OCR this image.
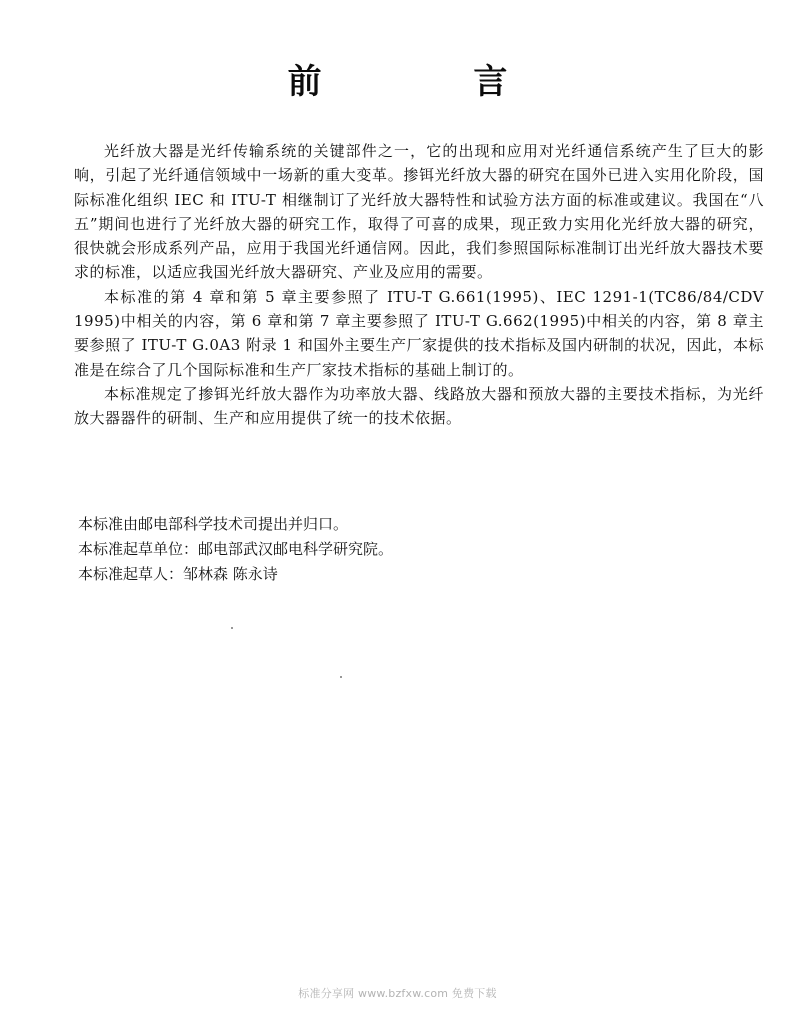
前 言

光纤放大器是光纤传输系统的关键部件之一，它的出现和应用对光纤通信系统产生了巨大的影响，引起了光纤通信领域中一场新的重大变革。掺铒光纤放大器的研究在国外已进入实用化阶段，国际标准化组织 IEC 和 ITU-T 相继制订了光纤放大器特性和试验方法方面的标准或建议。我国在“八五”期间也进行了光纤放大器的研究工作，取得了可喜的成果，现正致力实用化光纤放大器的研究，很快就会形成系列产品，应用于我国光纤通信网。因此，我们参照国际标准制订出光纤放大器技术要求的标准，以适应我国光纤放大器研究、产业及应用的需要。

本标准的第 4 章和第 5 章主要参照了 ITU-T G.661(1995)、IEC 1291-1(TC86/84/CDV 1995)中相关的内容，第 6 章和第 7 章主要参照了 ITU-T G.662(1995)中相关的内容，第 8 章主要参照了 ITU-T G.0A3 附录 1 和国外主要生产厂家提供的技术指标及国内研制的状况，因此，本标准是在综合了几个国际标准和生产厂家技术指标的基础上制订的。

本标准规定了掺铒光纤放大器作为功率放大器、线路放大器和预放大器的主要技术指标，为光纤放大器器件的研制、生产和应用提供了统一的技术依据。

本标准由邮电部科学技术司提出并归口。
本标准起草单位：邮电部武汉邮电科学研究院。
本标准起草人：邹林森 陈永诗
标准分享网 www.bzfxw.com 免费下载
